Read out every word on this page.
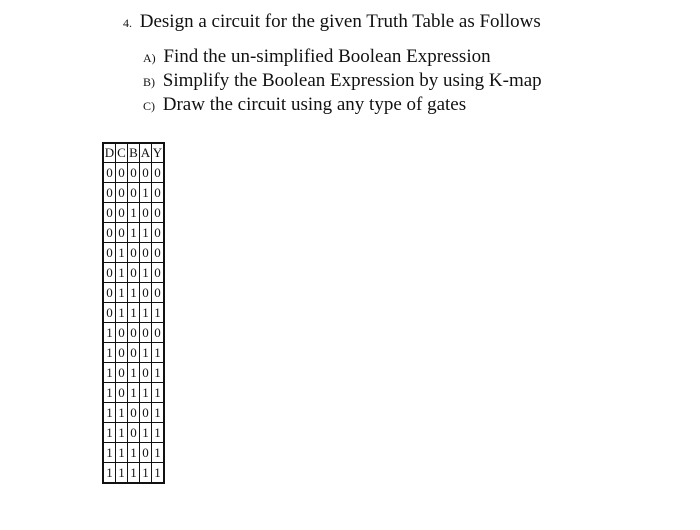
4. Design a circuit for the given Truth Table as Follows
A) Find the un-simplified Boolean Expression
B) Simplify the Boolean Expression by using K-map
C) Draw the circuit using any type of gates
D	C	B	A	Y
0	0	0	0	0
0	0	0	1	0
0	0	1	0	0
0	0	1	1	0
0	1	0	0	0
0	1	0	1	0
0	1	1	0	0
0	1	1	1	1
1	0	0	0	0
1	0	0	1	1
1	0	1	0	1
1	0	1	1	1
1	1	0	0	1
1	1	0	1	1
1	1	1	0	1
1	1	1	1	1
